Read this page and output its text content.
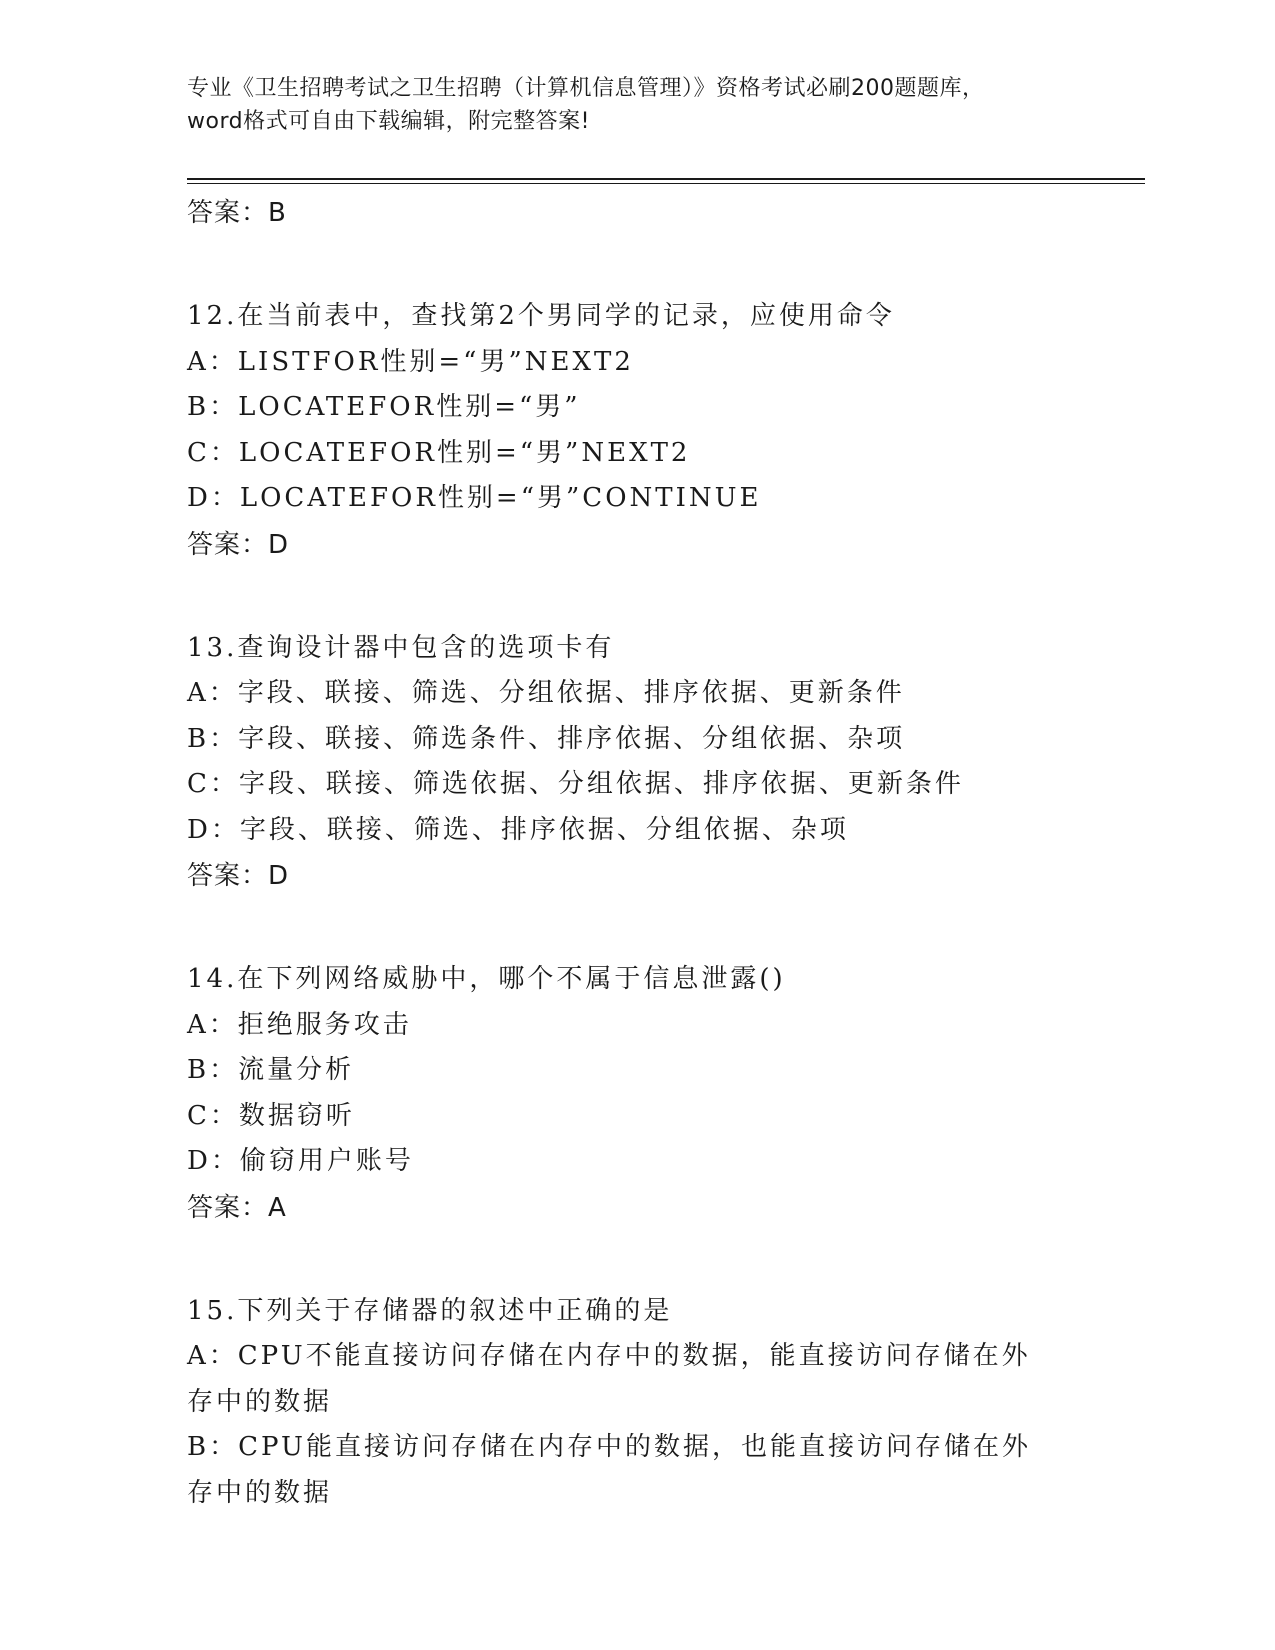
专业《卫生招聘考试之卫生招聘（计算机信息管理）》资格考试必刷200题题库，
word格式可自由下载编辑，附完整答案!
答案：B
12.在当前表中，查找第2个男同学的记录，应使用命令
A：LISTFOR性别=“男”NEXT2
B：LOCATEFOR性别=“男”
C：LOCATEFOR性别=“男”NEXT2
D：LOCATEFOR性别=“男”CONTINUE
答案：D
13.查询设计器中包含的选项卡有
A：字段、联接、筛选、分组依据、排序依据、更新条件
B：字段、联接、筛选条件、排序依据、分组依据、杂项
C：字段、联接、筛选依据、分组依据、排序依据、更新条件
D：字段、联接、筛选、排序依据、分组依据、杂项
答案：D
14.在下列网络威胁中，哪个不属于信息泄露()
A：拒绝服务攻击
B：流量分析
C：数据窃听
D：偷窃用户账号
答案：A
15.下列关于存储器的叙述中正确的是
A：CPU不能直接访问存储在内存中的数据，能直接访问存储在外存中的数据
B：CPU能直接访问存储在内存中的数据，也能直接访问存储在外存中的数据
